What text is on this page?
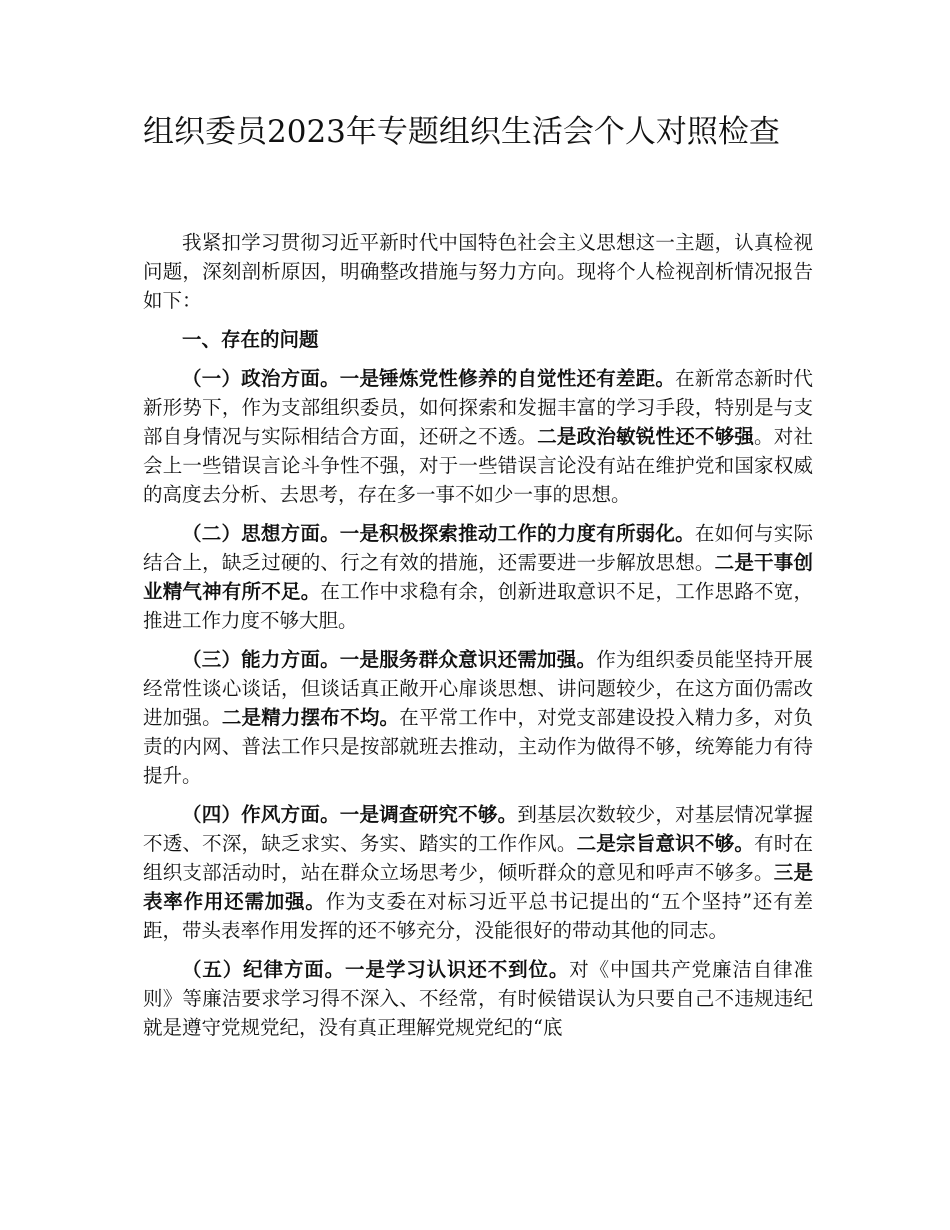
组织委员2023年专题组织生活会个人对照检查

我紧扣学习贯彻习近平新时代中国特色社会主义思想这一主题，认真检视问题，深刻剖析原因，明确整改措施与努力方向。现将个人检视剖析情况报告如下：

一、存在的问题

（一）政治方面。一是锤炼党性修养的自觉性还有差距。在新常态新时代新形势下，作为支部组织委员，如何探索和发掘丰富的学习手段，特别是与支部自身情况与实际相结合方面，还研之不透。二是政治敏锐性还不够强。对社会上一些错误言论斗争性不强，对于一些错误言论没有站在维护党和国家权威的高度去分析、去思考，存在多一事不如少一事的思想。

（二）思想方面。一是积极探索推动工作的力度有所弱化。在如何与实际结合上，缺乏过硬的、行之有效的措施，还需要进一步解放思想。二是干事创业精气神有所不足。在工作中求稳有余，创新进取意识不足，工作思路不宽，推进工作力度不够大胆。

（三）能力方面。一是服务群众意识还需加强。作为组织委员能坚持开展经常性谈心谈话，但谈话真正敞开心扉谈思想、讲问题较少，在这方面仍需改进加强。二是精力摆布不均。在平常工作中，对党支部建设投入精力多，对负责的内网、普法工作只是按部就班去推动，主动作为做得不够，统筹能力有待提升。

（四）作风方面。一是调查研究不够。到基层次数较少，对基层情况掌握不透、不深，缺乏求实、务实、踏实的工作作风。二是宗旨意识不够。有时在组织支部活动时，站在群众立场思考少，倾听群众的意见和呼声不够多。三是表率作用还需加强。作为支委在对标习近平总书记提出的“五个坚持”还有差距，带头表率作用发挥的还不够充分，没能很好的带动其他的同志。

（五）纪律方面。一是学习认识还不到位。对《中国共产党廉洁自律准则》等廉洁要求学习得不深入、不经常，有时候错误认为只要自己不违规违纪就是遵守党规党纪，没有真正理解党规党纪的“底
